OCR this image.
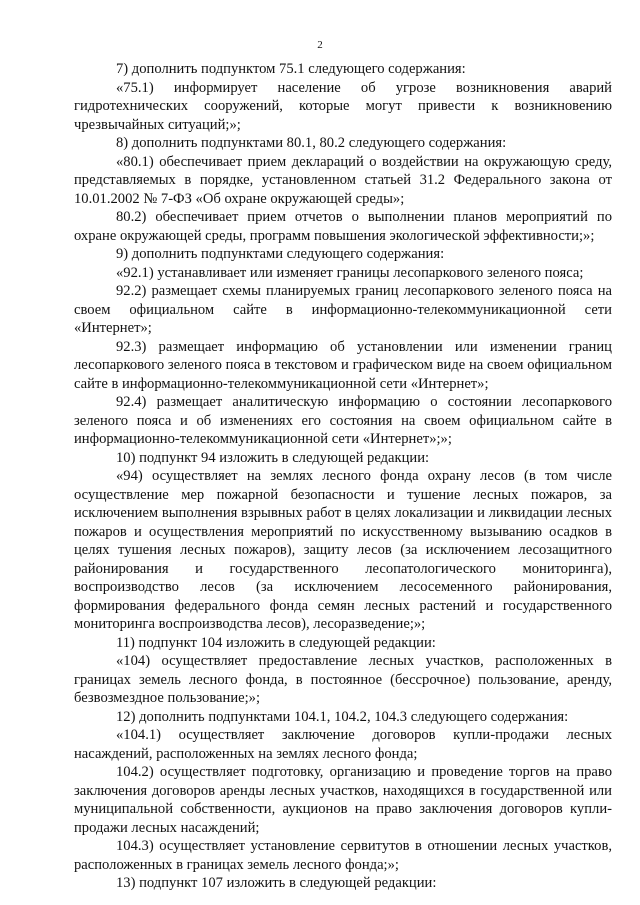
2

7) дополнить подпунктом 75.1 следующего содержания:

«75.1) информирует население об угрозе возникновения аварий гидротехнических сооружений, которые могут привести к возникновению чрезвычайных ситуаций;»;

8) дополнить подпунктами 80.1, 80.2 следующего содержания:

«80.1) обеспечивает прием деклараций о воздействии на окружающую среду, представляемых в порядке, установленном статьей 31.2 Федерального закона от 10.01.2002 № 7-ФЗ «Об охране окружающей среды»;

80.2) обеспечивает прием отчетов о выполнении планов мероприятий по охране окружающей среды, программ повышения экологической эффективности;»;

9) дополнить подпунктами следующего содержания:

«92.1) устанавливает или изменяет границы лесопаркового зеленого пояса;

92.2) размещает схемы планируемых границ лесопаркового зеленого пояса на своем официальном сайте в информационно-телекоммуникационной сети «Интернет»;

92.3) размещает информацию об установлении или изменении границ лесопаркового зеленого пояса в текстовом и графическом виде на своем официальном сайте в информационно-телекоммуникационной сети «Интернет»;

92.4) размещает аналитическую информацию о состоянии лесопаркового зеленого пояса и об изменениях его состояния на своем официальном сайте в информационно-телекоммуникационной сети «Интернет»;»;

10) подпункт 94 изложить в следующей редакции:

«94) осуществляет на землях лесного фонда охрану лесов (в том числе осуществление мер пожарной безопасности и тушение лесных пожаров, за исключением выполнения взрывных работ в целях локализации и ликвидации лесных пожаров и осуществления мероприятий по искусственному вызыванию осадков в целях тушения лесных пожаров), защиту лесов (за исключением лесозащитного районирования и государственного лесопатологического мониторинга), воспроизводство лесов (за исключением лесосеменного районирования, формирования федерального фонда семян лесных растений и государственного мониторинга воспроизводства лесов), лесоразведение;»;

11) подпункт 104 изложить в следующей редакции:

«104) осуществляет предоставление лесных участков, расположенных в границах земель лесного фонда, в постоянное (бессрочное) пользование, аренду, безвозмездное пользование;»;

12) дополнить подпунктами 104.1, 104.2, 104.3 следующего содержания:

«104.1) осуществляет заключение договоров купли-продажи лесных насаждений, расположенных на землях лесного фонда;

104.2) осуществляет подготовку, организацию и проведение торгов на право заключения договоров аренды лесных участков, находящихся в государственной или муниципальной собственности, аукционов на право заключения договоров купли-продажи лесных насаждений;

104.3) осуществляет установление сервитутов в отношении лесных участков, расположенных в границах земель лесного фонда;»;

13) подпункт 107 изложить в следующей редакции:
